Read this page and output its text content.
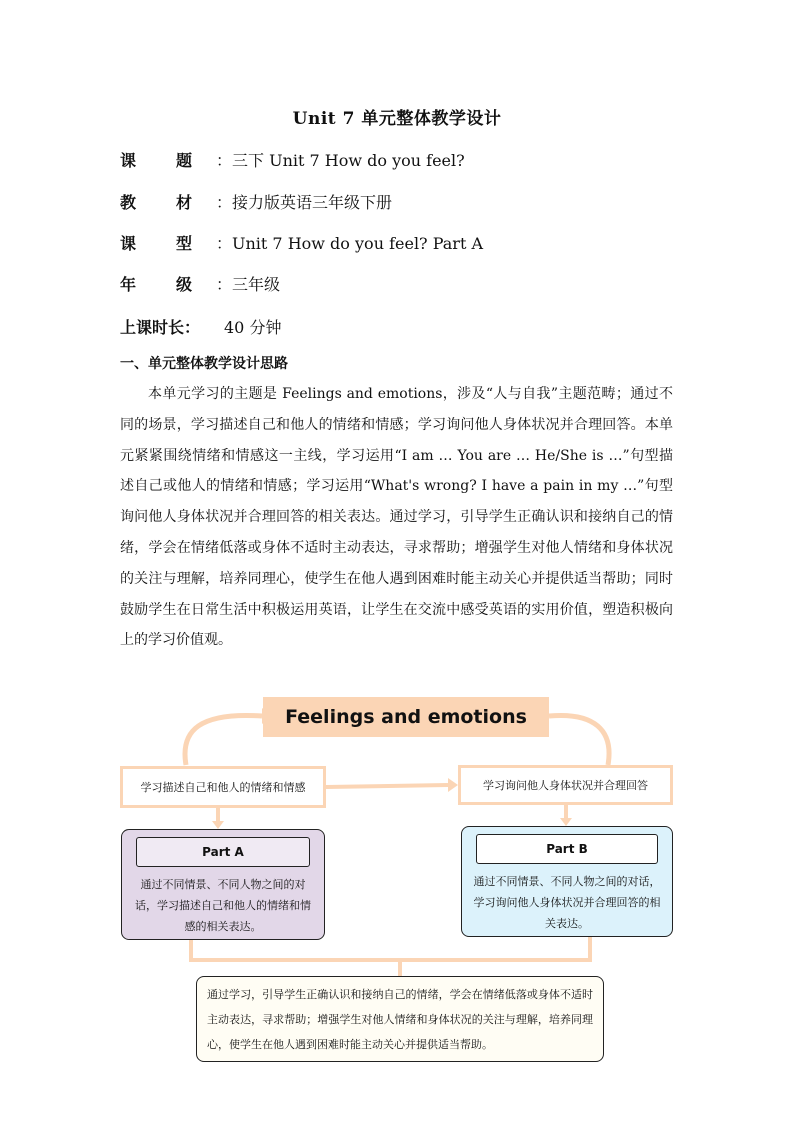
Unit 7 单元整体教学设计
课 题 ：三下 Unit 7 How do you feel?
教 材 ：接力版英语三年级下册
课 型 ：Unit 7 How do you feel? Part A
年 级 ：三年级
上课时长： 40 分钟
一、单元整体教学设计思路

本单元学习的主题是 Feelings and emotions，涉及“人与自我”主题范畴；通过不同的场景，学习描述自己和他人的情绪和情感；学习询问他人身体状况并合理回答。本单元紧紧围绕情绪和情感这一主线，学习运用“I am … You are … He/She is …”句型描述自己或他人的情绪和情感；学习运用“What's wrong? I have a pain in my …”句型询问他人身体状况并合理回答的相关表达。通过学习，引导学生正确认识和接纳自己的情绪，学会在情绪低落或身体不适时主动表达，寻求帮助；增强学生对他人情绪和身体状况的关注与理解，培养同理心，使学生在他人遇到困难时能主动关心并提供适当帮助；同时鼓励学生在日常生活中积极运用英语，让学生在交流中感受英语的实用价值，塑造积极向上的学习价值观。

Feelings and emotions
学习描述自己和他人的情绪和情感	学习询问他人身体状况并合理回答
Part A
通过不同情景、不同人物之间的对话，学习描述自己和他人的情绪和情感的相关表达。
Part B
通过不同情景、不同人物之间的对话，学习询问他人身体状况并合理回答的相关表达。
通过学习，引导学生正确认识和接纳自己的情绪，学会在情绪低落或身体不适时主动表达，寻求帮助；增强学生对他人情绪和身体状况的关注与理解，培养同理心，使学生在他人遇到困难时能主动关心并提供适当帮助。
